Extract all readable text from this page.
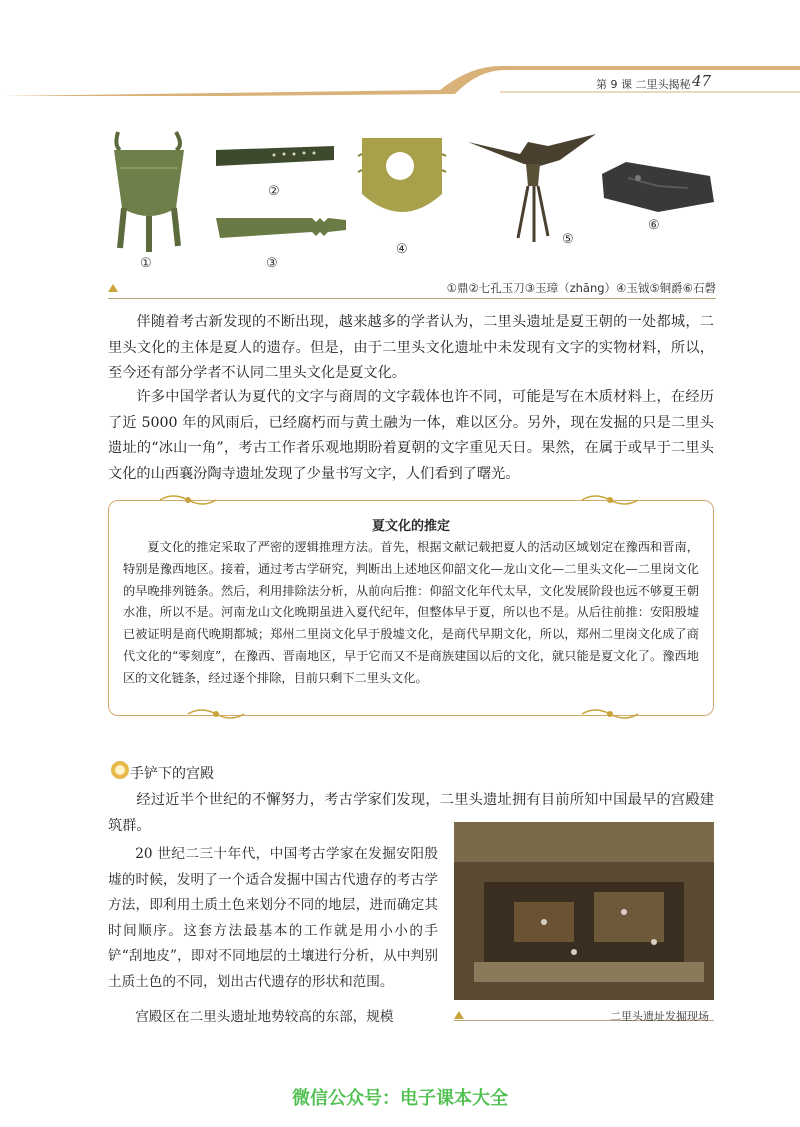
第 9 课 二里头揭秘 47
①
②
③
④
⑤
⑥
①鼎②七孔玉刀③玉璋（zhāng）④玉钺⑤铜爵⑥石磬

伴随着考古新发现的不断出现，越来越多的学者认为，二里头遗址是夏王朝的一处都城，二里头文化的主体是夏人的遗存。但是，由于二里头文化遗址中未发现有文字的实物材料，所以，至今还有部分学者不认同二里头文化是夏文化。

许多中国学者认为夏代的文字与商周的文字载体也许不同，可能是写在木质材料上，在经历了近 5000 年的风雨后，已经腐朽而与黄土融为一体，难以区分。另外，现在发掘的只是二里头遗址的“冰山一角”，考古工作者乐观地期盼着夏朝的文字重见天日。果然，在属于或早于二里头文化的山西襄汾陶寺遗址发现了少量书写文字，人们看到了曙光。

夏文化的推定

夏文化的推定采取了严密的逻辑推理方法。首先，根据文献记载把夏人的活动区域划定在豫西和晋南，特别是豫西地区。接着，通过考古学研究，判断出上述地区仰韶文化—龙山文化—二里头文化—二里岗文化的早晚排列链条。然后，利用排除法分析，从前向后推：仰韶文化年代太早，文化发展阶段也远不够夏王朝水准，所以不是。河南龙山文化晚期虽进入夏代纪年，但整体早于夏，所以也不是。从后往前推：安阳殷墟已被证明是商代晚期都城；郑州二里岗文化早于殷墟文化，是商代早期文化，所以，郑州二里岗文化成了商代文化的“零刻度”，在豫西、晋南地区，早于它而又不是商族建国以后的文化，就只能是夏文化了。豫西地区的文化链条，经过逐个排除，目前只剩下二里头文化。

手铲下的宫殿

经过近半个世纪的不懈努力，考古学家们发现，二里头遗址拥有目前所知中国最早的宫殿建筑群。

20 世纪二三十年代，中国考古学家在发掘安阳殷墟的时候，发明了一个适合发掘中国古代遗存的考古学方法，即利用土质土色来划分不同的地层，进而确定其时间顺序。这套方法最基本的工作就是用小小的手铲“刮地皮”，即对不同地层的土壤进行分析，从中判别土质土色的不同，划出古代遗存的形状和范围。

宫殿区在二里头遗址地势较高的东部，规模	二里头遗址发掘现场
微信公众号：电子课本大全
